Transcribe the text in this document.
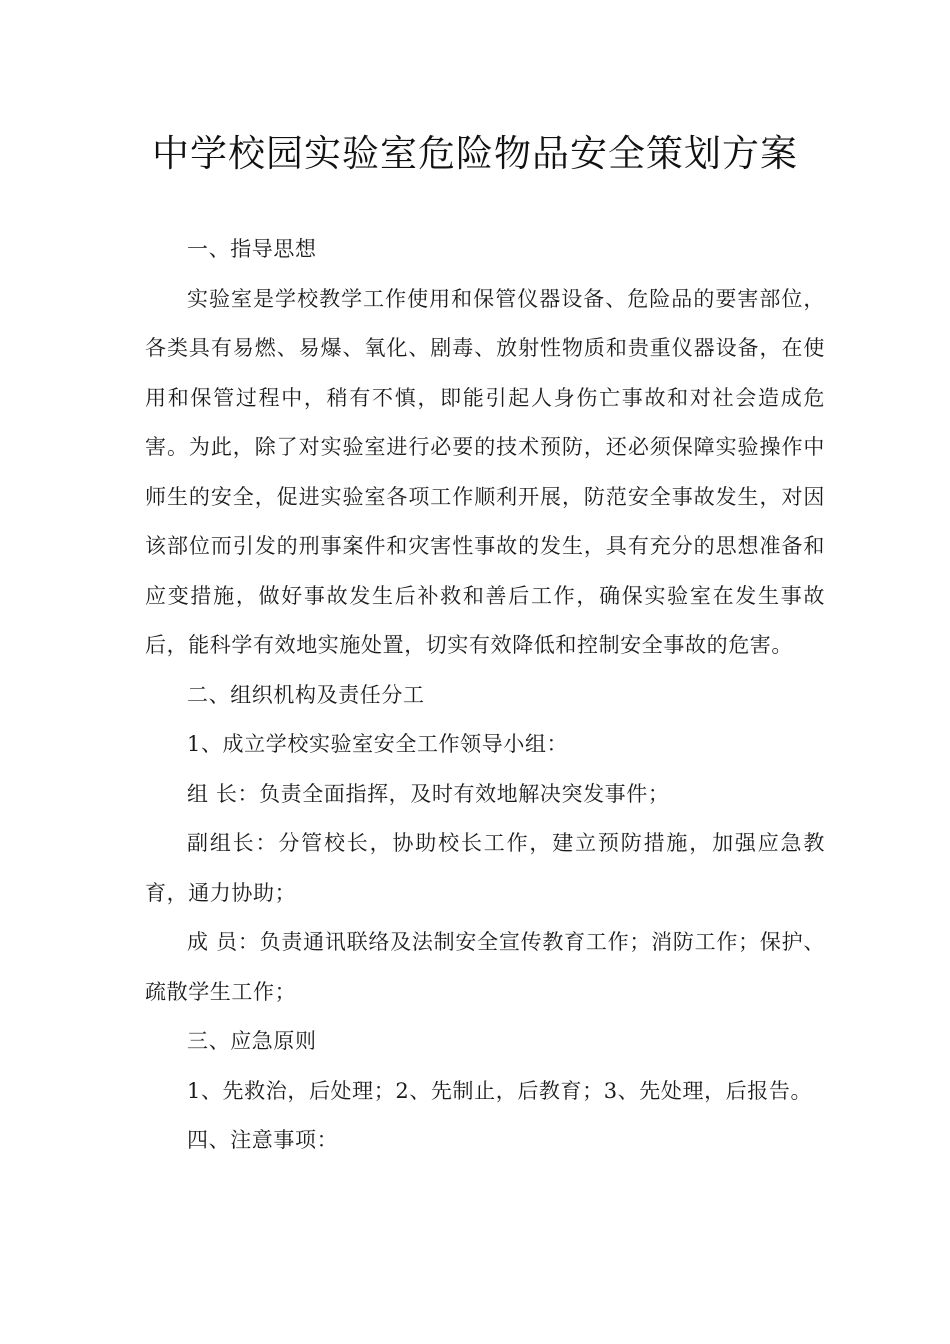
中学校园实验室危险物品安全策划方案

一、指导思想

实验室是学校教学工作使用和保管仪器设备、危险品的要害部位，各类具有易燃、易爆、氧化、剧毒、放射性物质和贵重仪器设备，在使用和保管过程中，稍有不慎，即能引起人身伤亡事故和对社会造成危害。为此，除了对实验室进行必要的技术预防，还必须保障实验操作中师生的安全，促进实验室各项工作顺利开展，防范安全事故发生，对因该部位而引发的刑事案件和灾害性事故的发生，具有充分的思想准备和应变措施，做好事故发生后补救和善后工作，确保实验室在发生事故后，能科学有效地实施处置，切实有效降低和控制安全事故的危害。

二、组织机构及责任分工

1、成立学校实验室安全工作领导小组：

组 长：负责全面指挥，及时有效地解决突发事件；

副组长：分管校长，协助校长工作，建立预防措施，加强应急教育，通力协助；

成 员：负责通讯联络及法制安全宣传教育工作；消防工作；保护、疏散学生工作；

三、应急原则

1、先救治，后处理；2、先制止，后教育；3、先处理，后报告。

四、注意事项：
